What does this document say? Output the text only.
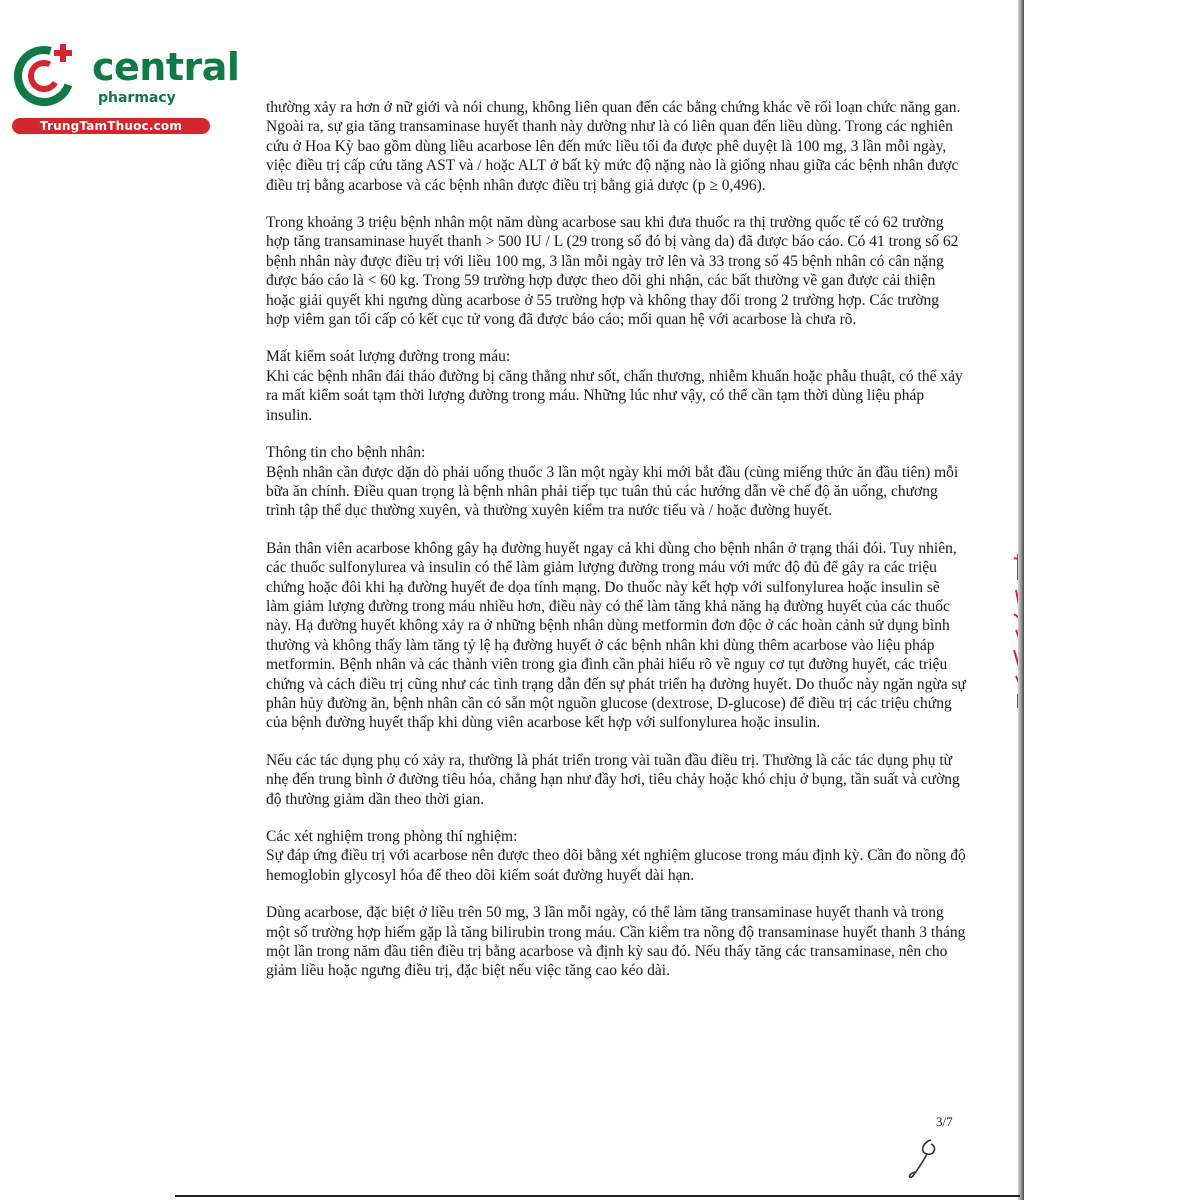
central
pharmacy
TrungTamThuoc.com

thường xảy ra hơn ở nữ giới và nói chung, không liên quan đến các bằng chứng khác về rối loạn chức năng gan. Ngoài ra, sự gia tăng transaminase huyết thanh này dường như là có liên quan đến liều dùng. Trong các nghiên cứu ở Hoa Kỳ bao gồm dùng liều acarbose lên đến mức liều tối đa được phê duyệt là 100 mg, 3 lần mỗi ngày, việc điều trị cấp cứu tăng AST và / hoặc ALT ở bất kỳ mức độ nặng nào là giống nhau giữa các bệnh nhân được điều trị bằng acarbose và các bệnh nhân được điều trị bằng giả dược (p ≥ 0,496).

Trong khoảng 3 triệu bệnh nhân một năm dùng acarbose sau khi đưa thuốc ra thị trường quốc tế có 62 trường hợp tăng transaminase huyết thanh > 500 IU / L (29 trong số đó bị vàng da) đã được báo cáo. Có 41 trong số 62 bệnh nhân này được điều trị với liều 100 mg, 3 lần mỗi ngày trở lên và 33 trong số 45 bệnh nhân có cân nặng được báo cáo là < 60 kg. Trong 59 trường hợp được theo dõi ghi nhận, các bất thường về gan được cải thiện hoặc giải quyết khi ngưng dùng acarbose ở 55 trường hợp và không thay đổi trong 2 trường hợp. Các trường hợp viêm gan tối cấp có kết cục tử vong đã được báo cáo; mối quan hệ với acarbose là chưa rõ.

Mất kiểm soát lượng đường trong máu:
Khi các bệnh nhân đái tháo đường bị căng thẳng như sốt, chấn thương, nhiễm khuẩn hoặc phẫu thuật, có thể xảy ra mất kiểm soát tạm thời lượng đường trong máu. Những lúc như vậy, có thể cần tạm thời dùng liệu pháp insulin.

Thông tin cho bệnh nhân:
Bệnh nhân cần được dặn dò phải uống thuốc 3 lần một ngày khi mới bắt đầu (cùng miếng thức ăn đầu tiên) mỗi bữa ăn chính. Điều quan trọng là bệnh nhân phải tiếp tục tuân thủ các hướng dẫn về chế độ ăn uống, chương trình tập thể dục thường xuyên, và thường xuyên kiểm tra nước tiểu và / hoặc đường huyết.

Bản thân viên acarbose không gây hạ đường huyết ngay cả khi dùng cho bệnh nhân ở trạng thái đói. Tuy nhiên, các thuốc sulfonylurea và insulin có thể làm giảm lượng đường trong máu với mức độ đủ để gây ra các triệu chứng hoặc đôi khi hạ đường huyết đe dọa tính mạng. Do thuốc này kết hợp với sulfonylurea hoặc insulin sẽ làm giảm lượng đường trong máu nhiều hơn, điều này có thể làm tăng khả năng hạ đường huyết của các thuốc này. Hạ đường huyết không xảy ra ở những bệnh nhân dùng metformin đơn độc ở các hoàn cảnh sử dụng bình thường và không thấy làm tăng tỷ lệ hạ đường huyết ở các bệnh nhân khi dùng thêm acarbose vào liệu pháp metformin. Bệnh nhân và các thành viên trong gia đình cần phải hiểu rõ về nguy cơ tụt đường huyết, các triệu chứng và cách điều trị cũng như các tình trạng dẫn đến sự phát triển hạ đường huyết. Do thuốc này ngăn ngừa sự phân hủy đường ăn, bệnh nhân cần có sẵn một nguồn glucose (dextrose, D-glucose) để điều trị các triệu chứng của bệnh đường huyết thấp khi dùng viên acarbose kết hợp với sulfonylurea hoặc insulin.

Nếu các tác dụng phụ có xảy ra, thường là phát triển trong vài tuần đầu điều trị. Thường là các tác dụng phụ từ nhẹ đến trung bình ở đường tiêu hóa, chẳng hạn như đầy hơi, tiêu chảy hoặc khó chịu ở bụng, tần suất và cường độ thường giảm dần theo thời gian.

Các xét nghiệm trong phòng thí nghiệm:
Sự đáp ứng điều trị với acarbose nên được theo dõi bằng xét nghiệm glucose trong máu định kỳ. Cần đo nồng độ hemoglobin glycosyl hóa để theo dõi kiểm soát đường huyết dài hạn.

Dùng acarbose, đặc biệt ở liều trên 50 mg, 3 lần mỗi ngày, có thể làm tăng transaminase huyết thanh và trong một số trường hợp hiếm gặp là tăng bilirubin trong máu. Cần kiểm tra nồng độ transaminase huyết thanh 3 tháng một lần trong năm đầu tiên điều trị bằng acarbose và định kỳ sau đó. Nếu thấy tăng các transaminase, nên cho giảm liều hoặc ngưng điều trị, đặc biệt nếu việc tăng cao kéo dài.

3/7
